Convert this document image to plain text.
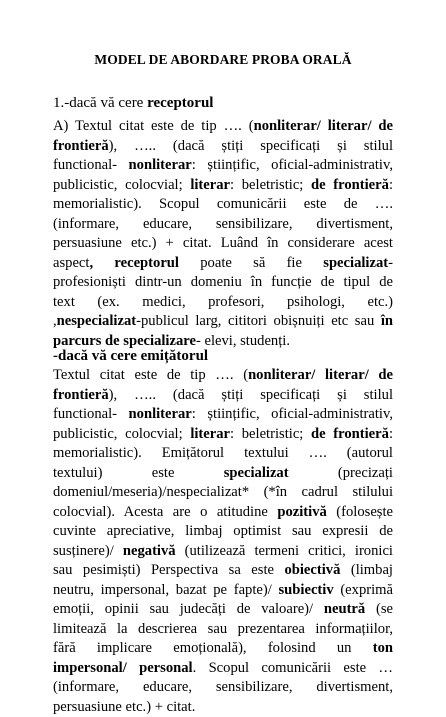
MODEL DE ABORDARE PROBA ORALĂ

1.-dacă vă cere receptorul

A) Textul citat este de tip …. (nonliterar/ literar/ de
frontieră), ….. (dacă știți specificați și stilul
functional- nonliterar: științific, oficial-administrativ,
publicistic, colocvial; literar: beletristic; de frontieră:
memorialistic). Scopul comunicării este de ….
(informare, educare, sensibilizare, divertisment,
persuasiune etc.) + citat. Luând în considerare acest
aspect, receptorul poate să fie specializat-
profesioniști dintr-un domeniu în funcție de tipul de
text (ex. medici, profesori, psihologi, etc.)
,nespecializat-publicul larg, cititori obișnuiți etc sau în
parcurs de specializare- elevi, studenți.

-dacă vă cere emițătorul

Textul citat este de tip …. (nonliterar/ literar/ de
frontieră), ….. (dacă știți specificați și stilul
functional- nonliterar: științific, oficial-administrativ,
publicistic, colocvial; literar: beletristic; de frontieră:
memorialistic). Emițătorul textului …. (autorul
textului) este specializat (precizați
domeniul/meseria)/nespecializat* (*în cadrul stilului
colocvial). Acesta are o atitudine pozitivă (folosește
cuvinte apreciative, limbaj optimist sau expresii de
susținere)/ negativă (utilizează termeni critici, ironici
sau pesimiști) Perspectiva sa este obiectivă (limbaj
neutru, impersonal, bazat pe fapte)/ subiectiv (exprimă
emoții, opinii sau judecăți de valoare)/ neutră (se
limitează la descrierea sau prezentarea informațiilor,
fără implicare emoțională), folosind un ton
impersonal/ personal. Scopul comunicării este …
(informare, educare, sensibilizare, divertisment,
persuasiune etc.) + citat.
